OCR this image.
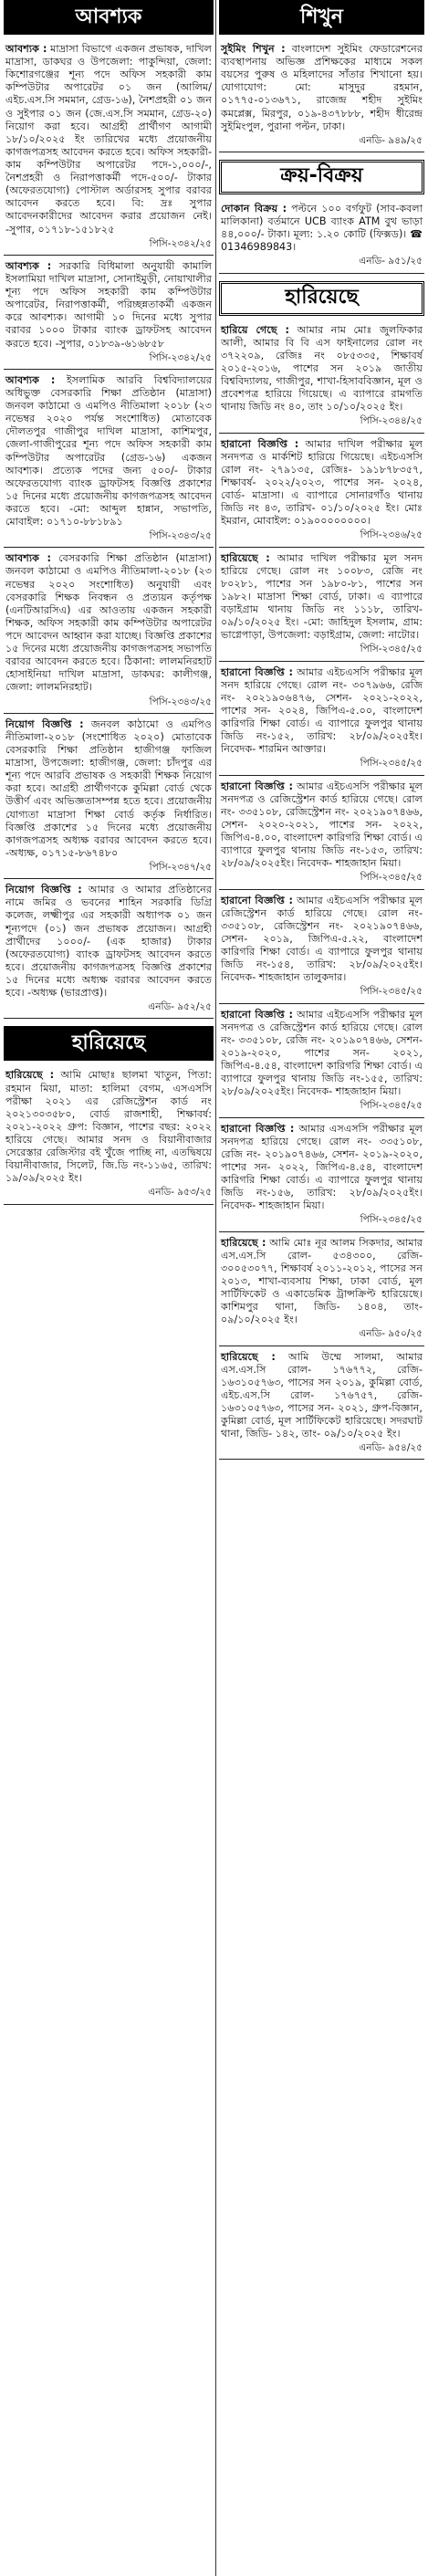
আবশ্যক
আবশ্যক : মাদ্রাসা বিভাগে একজন প্রভাষক, দাখিল মাদ্রাসা, ডাকঘর ও উপজেলা: পাকুন্দিয়া, জেলা: কিশোরগঞ্জের শূন্য পদে অফিস সহকারী কাম কম্পিউটার অপারেটর ০১ জন (আলিম/এইচ.এস.সি সমমান, গ্রেড-১৬), নৈশপ্রহরী ০১ জন ও সুইপার ০১ জন (জে.এস.সি সমমান, গ্রেড-২০) নিয়োগ করা হবে। আগ্রহী প্রার্থীগণ আগামী ১৮/১০/২০২৫ ইং তারিখের মধ্যে প্রয়োজনীয় কাগজপত্রসহ আবেদন করতে হবে। অফিস সহকারী-কাম কম্পিউটার অপারেটর পদে-১,০০০/-, নৈশপ্রহরী ও নিরাপত্তাকর্মী পদে-৫০০/- টাকার (অফেরতযোগ্য) পোস্টাল অর্ডারসহ সুপার বরাবর আবেদন করতে হবে। বি: দ্রঃ সুপার আবেদনকারীদের আবেদন করার প্রয়োজন নেই। -সুপার, ০১৭১৮-১৫১৮২৫
পিসি-২৩৪২/২৫
আবশ্যক : সরকারি বিধিমালা অনুযায়ী কামালি ইসলামিয়া দাখিল মাদ্রাসা, সোনাইমুড়ী, নোয়াখালীর শূন্য পদে অফিস সহকারী কাম কম্পিউটার অপারেটর, নিরাপত্তাকর্মী, পরিচ্ছন্নতাকর্মী একজন করে আবশ্যক। আগামী ১০ দিনের মধ্যে সুপার বরাবর ১০০০ টাকার ব্যাংক ড্রাফটসহ আবেদন করতে হবে। -সুপার, ০১৮৩৯-৬১৬৮৫৮
পিসি-২৩৪২/২৫
আবশ্যক : ইসলামিক আরবি বিশ্ববিদ্যালয়ের অধিভুক্ত বেসরকারি শিক্ষা প্রতিষ্ঠান (মাদ্রাসা) জনবল কাঠামো ও এমপিও নীতিমালা ২০১৮ (২৩ নভেম্বর ২০২০ পর্যন্ত সংশোধিত) মোতাবেক দৌলতপুর গাজীপুর দাখিল মাদ্রাসা, কাশিমপুর, জেলা-গাজীপুরের শূন্য পদে অফিস সহকারী কাম কম্পিউটার অপারেটর (গ্রেড-১৬) একজন আবশ্যক। প্রত্যেক পদের জন্য ৫০০/- টাকার অফেরতযোগ্য ব্যাংক ড্রাফটসহ বিজ্ঞপ্তি প্রকাশের ১৫ দিনের মধ্যে প্রয়োজনীয় কাগজপত্রসহ আবেদন করতে হবে। -মো: আব্দুল হান্নান, সভাপতি, মোবাইল: ০১৭১০-৮৮১৮৯১
পিসি-২৩৪৩/২৫
আবশ্যক : বেসরকারি শিক্ষা প্রতিষ্ঠান (মাদ্রাসা) জনবল কাঠামো ও এমপিও নীতিমালা-২০১৮ (২৩ নভেম্বর ২০২০ সংশোধিত) অনুযায়ী এবং বেসরকারি শিক্ষক নিবন্ধন ও প্রত্যয়ন কর্তৃপক্ষ (এনটিআরসিএ) এর আওতায় একজন সহকারী শিক্ষক, অফিস সহকারী কাম কম্পিউটার অপারেটর পদে আবেদন আহ্বান করা যাচ্ছে। বিজ্ঞপ্তি প্রকাশের ১৫ দিনের মধ্যে প্রয়োজনীয় কাগজপত্রসহ সভাপতি বরাবর আবেদন করতে হবে। ঠিকানা: লালমনিরহাট হোসাইনিয়া দাখিল মাদ্রাসা, ডাকঘর: কালীগঞ্জ, জেলা: লালমনিরহাট।
পিসি-২৩৪৩/২৫
নিয়োগ বিজ্ঞপ্তি : জনবল কাঠামো ও এমপিও নীতিমালা-২০১৮ (সংশোধিত ২০২০) মোতাবেক বেসরকারি শিক্ষা প্রতিষ্ঠান হাজীগঞ্জ ফাজিল মাদ্রাসা, উপজেলা: হাজীগঞ্জ, জেলা: চাঁদপুর এর শূন্য পদে আরবি প্রভাষক ও সহকারী শিক্ষক নিয়োগ করা হবে। আগ্রহী প্রার্থীগণকে কুমিল্লা বোর্ড থেকে উত্তীর্ণ এবং অভিজ্ঞতাসম্পন্ন হতে হবে। প্রয়োজনীয় যোগ্যতা মাদ্রাসা শিক্ষা বোর্ড কর্তৃক নির্ধারিত। বিজ্ঞপ্তি প্রকাশের ১৫ দিনের মধ্যে প্রয়োজনীয় কাগজপত্রসহ অধ্যক্ষ বরাবর আবেদন করতে হবে। -অধ্যক্ষ, ০১৭১৫-৮৬৭৪৮০
পিসি-২৩৪৭/২৫
নিয়োগ বিজ্ঞপ্তি : আমার ও আমার প্রতিষ্ঠানের নামে জমির ও ভবনের শাহিন সরকারি ডিগ্রি কলেজ, লক্ষ্মীপুর এর সহকারী অধ্যাপক ০১ জন শূন্যপদে (০১) জন প্রভাষক প্রয়োজন। আগ্রহী প্রার্থীদের ১০০০/- (এক হাজার) টাকার (অফেরতযোগ্য) ব্যাংক ড্রাফটসহ আবেদন করতে হবে। প্রয়োজনীয় কাগজপত্রসহ বিজ্ঞপ্তি প্রকাশের ১৫ দিনের মধ্যে অধ্যক্ষ বরাবর আবেদন করতে হবে। -অধ্যক্ষ (ভারপ্রাপ্ত)।
এনডি- ৯৫২/২৫
হারিয়েছে
হারিয়েছে : আমি মোছাঃ ছালমা খাতুন, পিতা: রহমান মিয়া, মাতা: হালিমা বেগম, এসএসসি পরীক্ষা ২০২১ এর রেজিস্ট্রেশন কার্ড নং ২০২১৩০৩৫৮০, বোর্ড রাজশাহী, শিক্ষাবর্ষ: ২০২১-২০২২ গ্রুপ: বিজ্ঞান, পাশের বছর: ২০২২ হারিয়ে গেছে। আমার সনদ ও বিয়ানীবাজার সেরেস্তার রেজিস্টার বই খুঁজে পাচ্ছি না, এতদ্বিষয়ে বিয়ানীবাজার, সিলেট, জি.ডি নং-১১৬৫, তারিখ: ১৯/০৯/২০২৫ ইং।
এনডি- ৯৫৩/২৫
শিখুন
সুইমিং শিখুন : বাংলাদেশ সুইমিং ফেডারেশনের ব্যবস্থাপনায় অভিজ্ঞ প্রশিক্ষকের মাধ্যমে সকল বয়সের পুরুষ ও মহিলাদের সাঁতার শিখানো হয়। যোগাযোগ: মো: মাসুদুর রহমান, ০১৭৭৫-০১৩৬৭১, রাজেন্দ্র শহীদ সুইমিং কমপ্লেক্স, মিরপুর, ০১৯-৪৩৭৮৮৮, শহীদ ধীরেন্দ্র সুইমিংপুল, পুরানা পল্টন, ঢাকা।
এনডি- ৯৪৯/২৫
ক্রয়-বিক্রয়
দোকান বিক্রয় : পল্টনে ১০০ বর্গফুট (সাব-কবলা মালিকানা) বর্তমানে UCB ব্যাংক ATM বুথ ভাড়া ৪৪,০০০/- টাকা। মূল্য: ১.২০ কোটি (ফিক্সড)। ☎ 01346989843।
এনডি- ৯৫১/২৫
হারিয়েছে
হারিয়ে গেছে : আমার নাম মোঃ জুলফিকার আলী, আমার বি বি এস ফাইনালের রোল নং ৩৭২২০৯, রেজিঃ নং ০৮৫৩৩৫, শিক্ষাবর্ষ ২০১৫-২০১৬, পাশের সন ২০১৯ জাতীয় বিশ্ববিদ্যালয়, গাজীপুর, শাখা-হিসাববিজ্ঞান, মূল ও প্রবেশপত্র হারিয়ে গিয়েছে। এ ব্যাপারে রামগতি থানায় জিডি নং ৪০, তাং ১০/১০/২০২৫ ইং।
পিসি-২৩৪৪/২৫
হারানো বিজ্ঞপ্তি : আমার দাখিল পরীক্ষার মূল সনদপত্র ও মার্কশিট হারিয়ে গিয়েছে। এইচএসসি রোল নং- ২৭৯১৩৫, রেজিঃ- ১৯১৮৭৮৩৫৭, শিক্ষাবর্ষ- ২০২২/২০২৩, পাশের সন- ২০২৪, বোর্ড- মাদ্রাসা। এ ব্যাপারে সোনারগাঁও থানায় জিডি নং ৪৩, তারিখ- ০১/১০/২০২৫ ইং। মোঃ ইমরান, মোবাইল: ০১৯০০০০০০০০।
পিসি-২৩৪৬/২৫
হারিয়েছে : আমার দাখিল পরীক্ষার মূল সনদ হারিয়ে গেছে। রোল নং ১০০৮৩, রেজি নং ৮০২৮১, পাশের সন ১৯৮০-৮১, পাশের সন ১৯৮২। মাদ্রাসা শিক্ষা বোর্ড, ঢাকা। এ ব্যাপারে বড়াইগ্রাম থানায় জিডি নং ১১১৮, তারিখ- ০৯/১০/২০২৫ ইং। -মো: জাহিদুল ইসলাম, গ্রাম: ভাগ্নেপাড়া, উপজেলা: বড়াইগ্রাম, জেলা: নাটোর।
পিসি-২৩৪৫/২৫
হারানো বিজ্ঞপ্তি : আমার এইচএসসি পরীক্ষার মূল সনদ হারিয়ে গেছে। রোল নং- ৩০৭৯৬৬, রেজি নং- ২০২১৯০৬৪৭৬, সেশন- ২০২১-২০২২, পাশের সন- ২০২৪, জিপিএ-৫.০০, বাংলাদেশ কারিগরি শিক্ষা বোর্ড। এ ব্যাপারে ফুলপুর থানায় জিডি নং-১৫২, তারিখ: ২৮/০৯/২০২৫ইং। নিবেদক- শারমিন আক্তার।
পিসি-২৩৪৫/২৫
হারানো বিজ্ঞপ্তি : আমার এইচএসসি পরীক্ষার মূল সনদপত্র ও রেজিস্ট্রেশন কার্ড হারিয়ে গেছে। রোল নং- ৩৩৫১০৮, রেজিস্ট্রেশন নং- ২০২১৯০৭৪৬৬, সেশন- ২০২০-২০২১, পাশের সন- ২০২২, জিপিএ-৪.০০, বাংলাদেশ কারিগরি শিক্ষা বোর্ড। এ ব্যাপারে ফুলপুর থানায় জিডি নং-১৫৩, তারিখ: ২৮/০৯/২০২৫ইং। নিবেদক- শাহজাহান মিয়া।
পিসি-২৩৪৫/২৫
হারানো বিজ্ঞপ্তি : আমার এইচএসসি পরীক্ষার মূল রেজিস্ট্রেশন কার্ড হারিয়ে গেছে। রোল নং- ৩৩৫১০৮, রেজিস্ট্রেশন নং- ২০২১৯০৭৪৬৬, সেশন- ২০১৯, জিপিএ-৫.২২, বাংলাদেশ কারিগরি শিক্ষা বোর্ড। এ ব্যাপারে ফুলপুর থানায় জিডি নং-১৫৪, তারিখ: ২৮/০৯/২০২৫ইং। নিবেদক- শাহজাহান তালুকদার।
পিসি-২৩৪৫/২৫
হারানো বিজ্ঞপ্তি : আমার এইচএসসি পরীক্ষার মূল সনদপত্র ও রেজিস্ট্রেশন কার্ড হারিয়ে গেছে। রোল নং- ৩৩৫১০৮, রেজি নং- ২০১৯০৭৪৬৬, সেশন- ২০১৯-২০২০, পাশের সন- ২০২১, জিপিএ-৪.৫৪, বাংলাদেশ কারিগরি শিক্ষা বোর্ড। এ ব্যাপারে ফুলপুর থানায় জিডি নং-১৫৫, তারিখ: ২৮/০৯/২০২৫ইং। নিবেদক- শাহজাহান মিয়া।
পিসি-২৩৪৫/২৫
হারানো বিজ্ঞপ্তি : আমার এসএসসি পরীক্ষার মূল সনদপত্র হারিয়ে গেছে। রোল নং- ৩৩৫১০৮, রেজি নং- ২০১৯০৭৪৬৬, সেশন- ২০১৯-২০২০, পাশের সন- ২০২২, জিপিএ-৪.৫৪, বাংলাদেশ কারিগরি শিক্ষা বোর্ড। এ ব্যাপারে ফুলপুর থানায় জিডি নং-১৫৬, তারিখ: ২৮/০৯/২০২৫ইং। নিবেদক- শাহজাহান মিয়া।
পিসি-২৩৪৫/২৫
হারিয়েছে : আমি মোঃ নূর আলম সিকদার, আমার এস.এস.সি রোল- ৫৩৪৩০০, রেজি- ৩০০৫৩০৭৭, শিক্ষাবর্ষ ২০১১-২০১২, পাসের সন ২০১৩, শাখা-ব্যবসায় শিক্ষা, ঢাকা বোর্ড, মূল সার্টিফিকেট ও একাডেমিক ট্রান্সক্রিপ্ট হারিয়েছে। কাশিমপুর থানা, জিডি- ১৪০৪, তাং- ০৯/১০/২০২৫ ইং।
এনডি- ৯৫০/২৫
হারিয়েছে : আমি উম্মে সালমা, আমার এস.এস.সি রোল- ১৭৬৭৭২, রেজি- ১৬৩১০৫৭৬৩, পাসের সন ২০১৯, কুমিল্লা বোর্ড, এইচ.এস.সি রোল- ১৭৬৭৫৭, রেজি- ১৬৩১০৫৭৬৩, পাসের সন- ২০২১, গ্রুপ-বিজ্ঞান, কুমিল্লা বোর্ড, মূল সার্টিফিকেট হারিয়েছে। সদরঘাট থানা, জিডি- ১৪২, তাং- ০৯/১০/২০২৫ ইং।
এনডি- ৯৫৪/২৫
